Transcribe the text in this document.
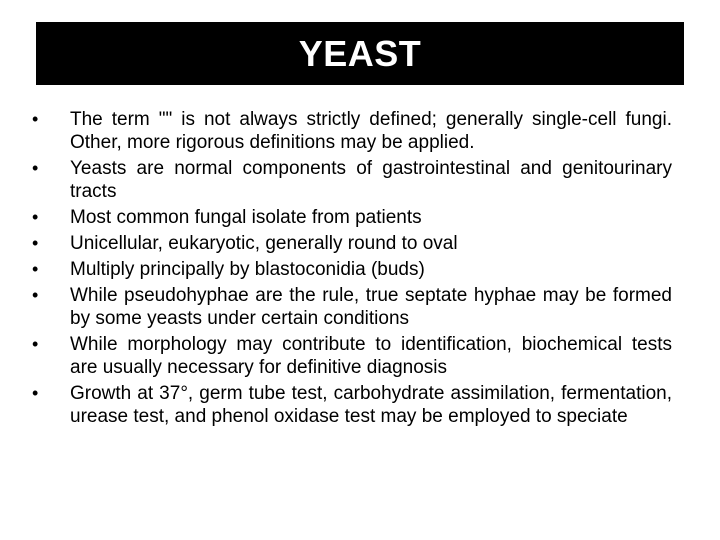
YEAST
•	The term "" is not always strictly defined; generally single-cell fungi. Other, more rigorous definitions may be applied.
•	Yeasts are normal components of gastrointestinal and genitourinary tracts
•	Most common fungal isolate from patients
•	Unicellular, eukaryotic, generally round to oval
•	Multiply principally by blastoconidia (buds)
•	While pseudohyphae are the rule, true septate hyphae may be formed by some yeasts under certain conditions
•	While morphology may contribute to identification, biochemical tests are usually necessary for definitive diagnosis
•	Growth at 37°, germ tube test, carbohydrate assimilation, fermentation, urease test, and phenol oxidase test may be employed to speciate
